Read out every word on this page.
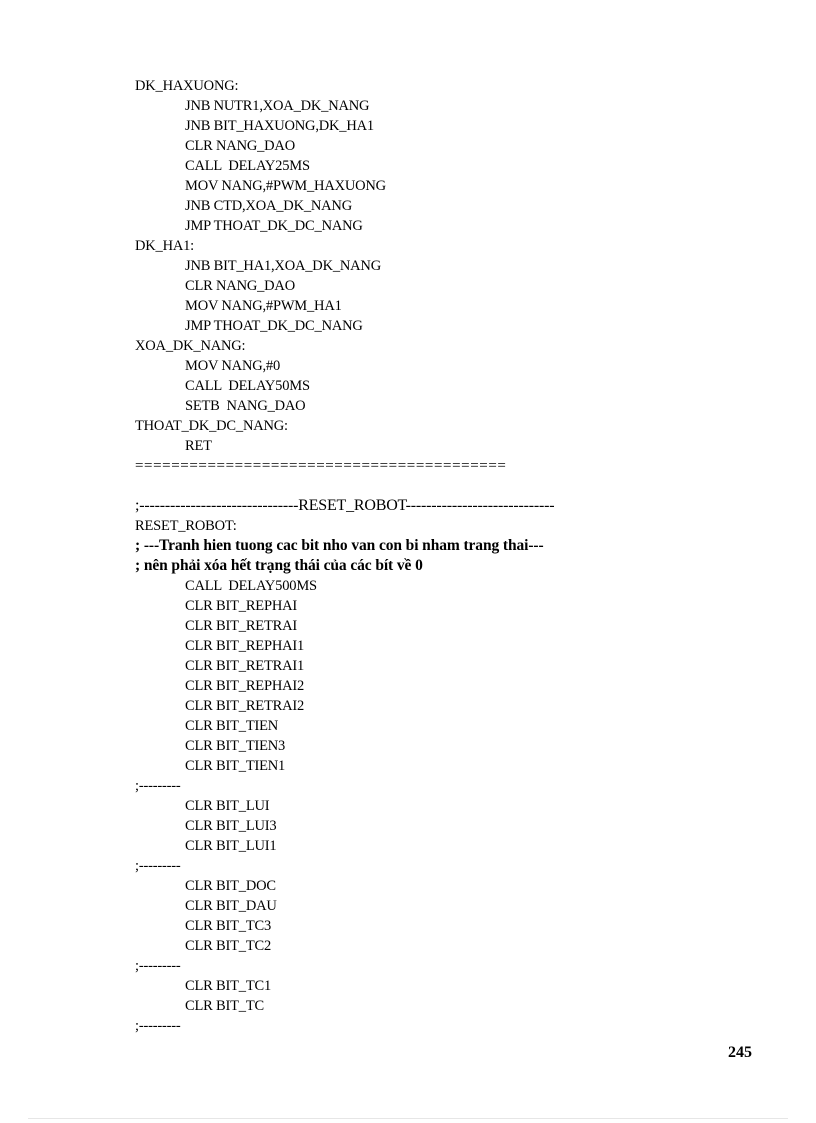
DK_HAXUONG:
JNB NUTR1,XOA_DK_NANG
JNB BIT_HAXUONG,DK_HA1
CLR NANG_DAO
CALL  DELAY25MS
MOV NANG,#PWM_HAXUONG
JNB CTD,XOA_DK_NANG
JMP THOAT_DK_DC_NANG
DK_HA1:
JNB BIT_HA1,XOA_DK_NANG
CLR NANG_DAO
MOV NANG,#PWM_HA1
JMP THOAT_DK_DC_NANG
XOA_DK_NANG:
MOV NANG,#0
CALL  DELAY50MS
SETB  NANG_DAO
THOAT_DK_DC_NANG:
RET
=========================================
;-------------------------------RESET_ROBOT-----------------------------
RESET_ROBOT:
; ---Tranh hien tuong cac bit nho van con bi nham trang thai---
; nên phải xóa hết trạng thái của các bít về 0
CALL  DELAY500MS
CLR BIT_REPHAI
CLR BIT_RETRAI
CLR BIT_REPHAI1
CLR BIT_RETRAI1
CLR BIT_REPHAI2
CLR BIT_RETRAI2
CLR BIT_TIEN
CLR BIT_TIEN3
CLR BIT_TIEN1
;---------
CLR BIT_LUI
CLR BIT_LUI3
CLR BIT_LUI1
;---------
CLR BIT_DOC
CLR BIT_DAU
CLR BIT_TC3
CLR BIT_TC2
;---------
CLR BIT_TC1
CLR BIT_TC
;---------
245
